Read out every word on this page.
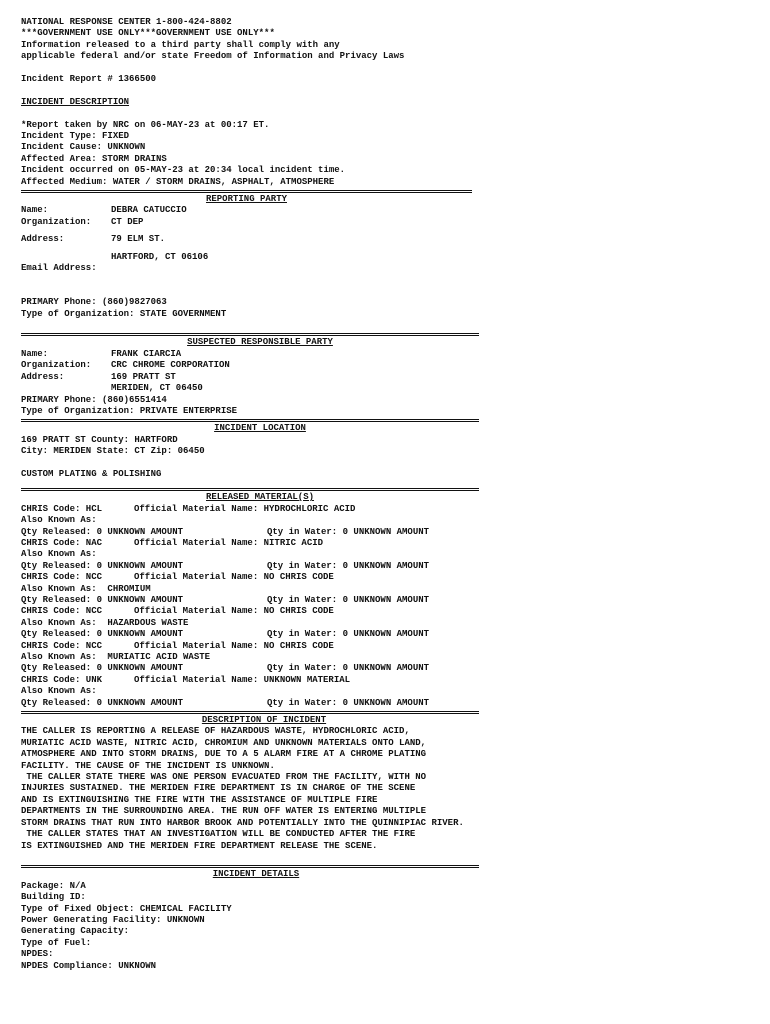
NATIONAL RESPONSE CENTER 1-800-424-8802
***GOVERNMENT USE ONLY***GOVERNMENT USE ONLY***
Information released to a third party shall comply with any
applicable federal and/or state Freedom of Information and Privacy Laws
Incident Report # 1366500
INCIDENT DESCRIPTION
*Report taken by NRC on 06-MAY-23 at 00:17 ET.
Incident Type: FIXED
Incident Cause: UNKNOWN
Affected Area: STORM DRAINS
Incident occurred on 05-MAY-23 at 20:34 local incident time.
Affected Medium: WATER / STORM DRAINS, ASPHALT, ATMOSPHERE
REPORTING PARTY
Name:	DEBRA CATUCCIO
Organization:	CT DEP
Address:	79 ELM ST.
HARTFORD, CT 06106
Email Address:
PRIMARY Phone: (860)9827063
Type of Organization: STATE GOVERNMENT
SUSPECTED RESPONSIBLE PARTY
Name:	FRANK CIARCIA
Organization:	CRC CHROME CORPORATION
Address:	169 PRATT ST
MERIDEN, CT 06450
PRIMARY Phone: (860)6551414
Type of Organization: PRIVATE ENTERPRISE
INCIDENT LOCATION
169 PRATT ST County: HARTFORD
City: MERIDEN State: CT Zip: 06450
CUSTOM PLATING & POLISHING
RELEASED MATERIAL(S)
CHRIS Code: HCL	Official Material Name: HYDROCHLORIC ACID
Also Known As:
Qty Released: 0 UNKNOWN AMOUNT	Qty in Water: 0 UNKNOWN AMOUNT
CHRIS Code: NAC	Official Material Name: NITRIC ACID
Also Known As:
Qty Released: 0 UNKNOWN AMOUNT	Qty in Water: 0 UNKNOWN AMOUNT
CHRIS Code: NCC	Official Material Name: NO CHRIS CODE
Also Known As:  CHROMIUM
Qty Released: 0 UNKNOWN AMOUNT	Qty in Water: 0 UNKNOWN AMOUNT
CHRIS Code: NCC	Official Material Name: NO CHRIS CODE
Also Known As:  HAZARDOUS WASTE
Qty Released: 0 UNKNOWN AMOUNT	Qty in Water: 0 UNKNOWN AMOUNT
CHRIS Code: NCC	Official Material Name: NO CHRIS CODE
Also Known As:  MURIATIC ACID WASTE
Qty Released: 0 UNKNOWN AMOUNT	Qty in Water: 0 UNKNOWN AMOUNT
CHRIS Code: UNK	Official Material Name: UNKNOWN MATERIAL
Also Known As:
Qty Released: 0 UNKNOWN AMOUNT	Qty in Water: 0 UNKNOWN AMOUNT
DESCRIPTION OF INCIDENT
THE CALLER IS REPORTING A RELEASE OF HAZARDOUS WASTE, HYDROCHLORIC ACID,
MURIATIC ACID WASTE, NITRIC ACID, CHROMIUM AND UNKNOWN MATERIALS ONTO LAND,
ATMOSPHERE AND INTO STORM DRAINS, DUE TO A 5 ALARM FIRE AT A CHROME PLATING
FACILITY. THE CAUSE OF THE INCIDENT IS UNKNOWN.
THE CALLER STATE THERE WAS ONE PERSON EVACUATED FROM THE FACILITY, WITH NO
INJURIES SUSTAINED. THE MERIDEN FIRE DEPARTMENT IS IN CHARGE OF THE SCENE
AND IS EXTINGUISHING THE FIRE WITH THE ASSISTANCE OF MULTIPLE FIRE
DEPARTMENTS IN THE SURROUNDING AREA. THE RUN OFF WATER IS ENTERING MULTIPLE
STORM DRAINS THAT RUN INTO HARBOR BROOK AND POTENTIALLY INTO THE QUINNIPIAC RIVER.
THE CALLER STATES THAT AN INVESTIGATION WILL BE CONDUCTED AFTER THE FIRE
IS EXTINGUISHED AND THE MERIDEN FIRE DEPARTMENT RELEASE THE SCENE.
INCIDENT DETAILS
Package: N/A
Building ID:
Type of Fixed Object: CHEMICAL FACILITY
Power Generating Facility: UNKNOWN
Generating Capacity:
Type of Fuel:
NPDES:
NPDES Compliance: UNKNOWN
